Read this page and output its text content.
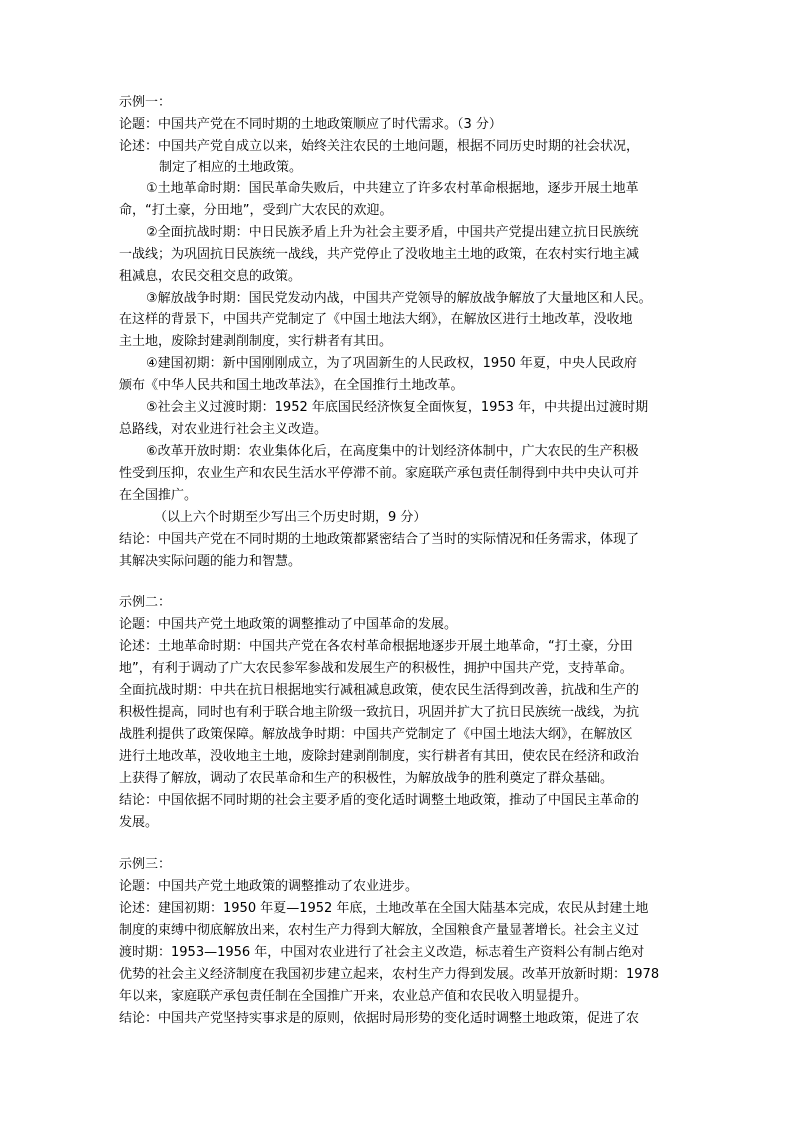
示例一：
论题：中国共产党在不同时期的土地政策顺应了时代需求。（3 分）
论述：中国共产党自成立以来，始终关注农民的土地问题，根据不同历史时期的社会状况，
制定了相应的土地政策。
①土地革命时期：国民革命失败后，中共建立了许多农村革命根据地，逐步开展土地革
命，“打土豪，分田地”，受到广大农民的欢迎。
②全面抗战时期：中日民族矛盾上升为社会主要矛盾，中国共产党提出建立抗日民族统
一战线；为巩固抗日民族统一战线，共产党停止了没收地主土地的政策，在农村实行地主减
租减息，农民交租交息的政策。
③解放战争时期：国民党发动内战，中国共产党领导的解放战争解放了大量地区和人民。
在这样的背景下，中国共产党制定了《中国土地法大纲》，在解放区进行土地改革，没收地
主土地，废除封建剥削制度，实行耕者有其田。
④建国初期：新中国刚刚成立，为了巩固新生的人民政权，1950 年夏，中央人民政府
颁布《中华人民共和国土地改革法》，在全国推行土地改革。
⑤社会主义过渡时期：1952 年底国民经济恢复全面恢复，1953 年，中共提出过渡时期
总路线，对农业进行社会主义改造。
⑥改革开放时期：农业集体化后，在高度集中的计划经济体制中，广大农民的生产积极
性受到压抑，农业生产和农民生活水平停滞不前。家庭联产承包责任制得到中共中央认可并
在全国推广。
（以上六个时期至少写出三个历史时期，9 分）
结论：中国共产党在不同时期的土地政策都紧密结合了当时的实际情况和任务需求，体现了
其解决实际问题的能力和智慧。
示例二：
论题：中国共产党土地政策的调整推动了中国革命的发展。
论述：土地革命时期：中国共产党在各农村革命根据地逐步开展土地革命，“打土豪，分田
地”，有利于调动了广大农民参军参战和发展生产的积极性，拥护中国共产党，支持革命。
全面抗战时期：中共在抗日根据地实行减租减息政策，使农民生活得到改善，抗战和生产的
积极性提高，同时也有利于联合地主阶级一致抗日，巩固并扩大了抗日民族统一战线，为抗
战胜利提供了政策保障。解放战争时期：中国共产党制定了《中国土地法大纲》，在解放区
进行土地改革，没收地主土地，废除封建剥削制度，实行耕者有其田，使农民在经济和政治
上获得了解放，调动了农民革命和生产的积极性，为解放战争的胜利奠定了群众基础。
结论：中国依据不同时期的社会主要矛盾的变化适时调整土地政策，推动了中国民主革命的
发展。
示例三：
论题：中国共产党土地政策的调整推动了农业进步。
论述：建国初期：1950 年夏—1952 年底，土地改革在全国大陆基本完成，农民从封建土地
制度的束缚中彻底解放出来，农村生产力得到大解放，全国粮食产量显著增长。社会主义过
渡时期：1953—1956 年，中国对农业进行了社会主义改造，标志着生产资料公有制占绝对
优势的社会主义经济制度在我国初步建立起来，农村生产力得到发展。改革开放新时期：1978
年以来，家庭联产承包责任制在全国推广开来，农业总产值和农民收入明显提升。
结论：中国共产党坚持实事求是的原则，依据时局形势的变化适时调整土地政策，促进了农
